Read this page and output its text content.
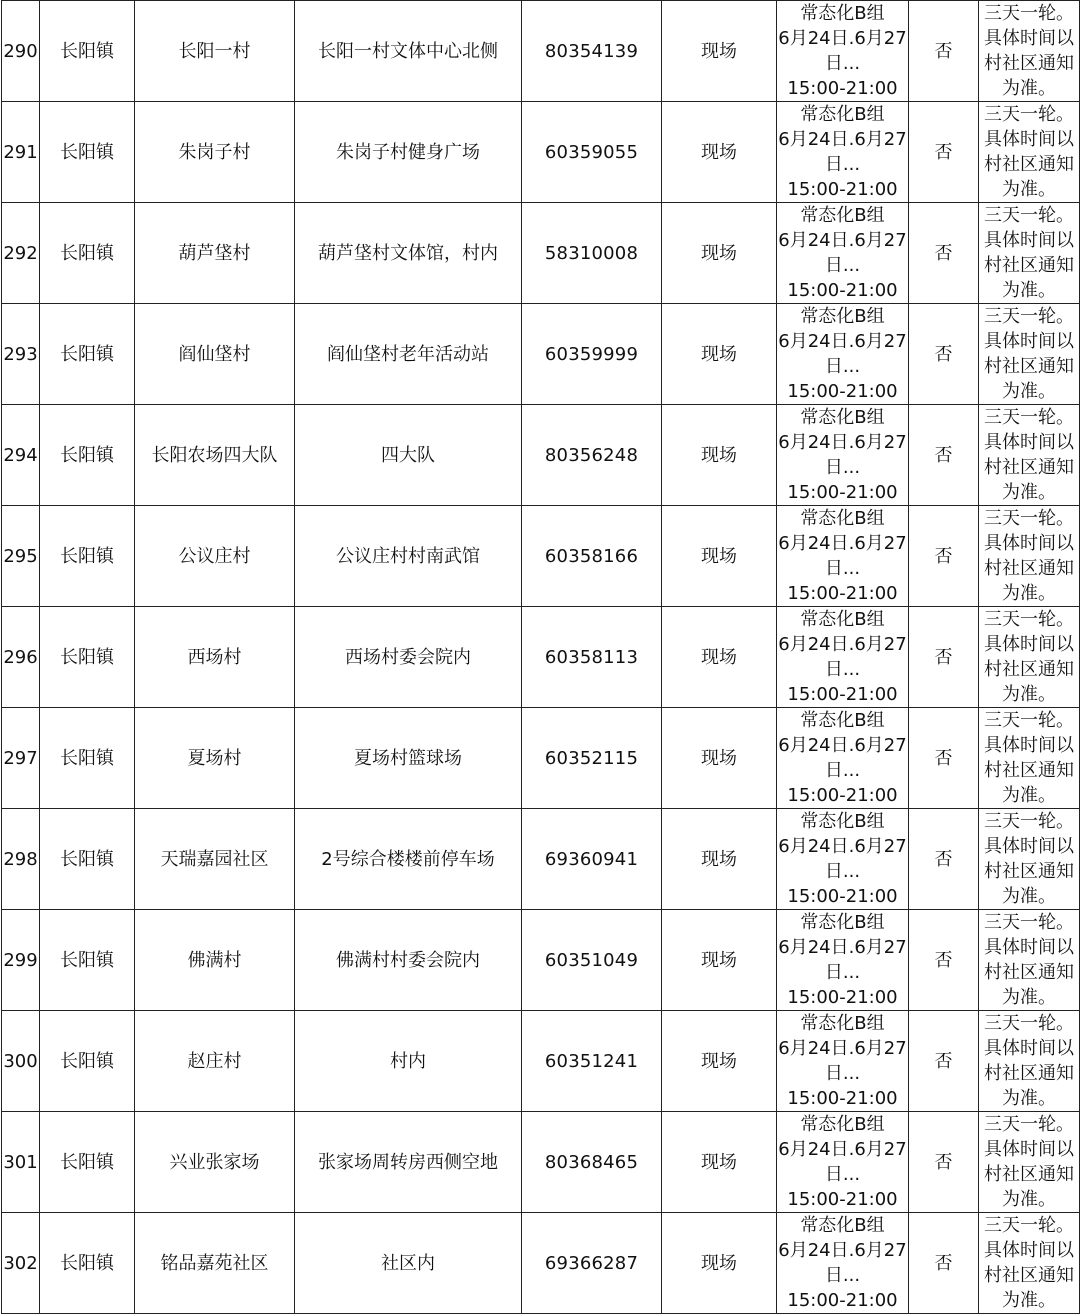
290	长阳镇	长阳一村	长阳一村文体中心北侧	80354139	现场	常态化B组
6月24日.6月27
日...
15:00-21:00	否	三天一轮。
具体时间以
村社区通知
为准。

291	长阳镇	朱岗子村	朱岗子村健身广场	60359055	现场	常态化B组
6月24日.6月27
日...
15:00-21:00	否	三天一轮。
具体时间以
村社区通知
为准。

292	长阳镇	葫芦垡村	葫芦垡村文体馆，村内	58310008	现场	常态化B组
6月24日.6月27
日...
15:00-21:00	否	三天一轮。
具体时间以
村社区通知
为准。

293	长阳镇	阎仙垡村	阎仙垡村老年活动站	60359999	现场	常态化B组
6月24日.6月27
日...
15:00-21:00	否	三天一轮。
具体时间以
村社区通知
为准。

294	长阳镇	长阳农场四大队	四大队	80356248	现场	常态化B组
6月24日.6月27
日...
15:00-21:00	否	三天一轮。
具体时间以
村社区通知
为准。

295	长阳镇	公议庄村	公议庄村村南武馆	60358166	现场	常态化B组
6月24日.6月27
日...
15:00-21:00	否	三天一轮。
具体时间以
村社区通知
为准。

296	长阳镇	西场村	西场村委会院内	60358113	现场	常态化B组
6月24日.6月27
日...
15:00-21:00	否	三天一轮。
具体时间以
村社区通知
为准。

297	长阳镇	夏场村	夏场村篮球场	60352115	现场	常态化B组
6月24日.6月27
日...
15:00-21:00	否	三天一轮。
具体时间以
村社区通知
为准。

298	长阳镇	天瑞嘉园社区	2号综合楼楼前停车场	69360941	现场	常态化B组
6月24日.6月27
日...
15:00-21:00	否	三天一轮。
具体时间以
村社区通知
为准。

299	长阳镇	佛满村	佛满村村委会院内	60351049	现场	常态化B组
6月24日.6月27
日...
15:00-21:00	否	三天一轮。
具体时间以
村社区通知
为准。

300	长阳镇	赵庄村	村内	60351241	现场	常态化B组
6月24日.6月27
日...
15:00-21:00	否	三天一轮。
具体时间以
村社区通知
为准。

301	长阳镇	兴业张家场	张家场周转房西侧空地	80368465	现场	常态化B组
6月24日.6月27
日...
15:00-21:00	否	三天一轮。
具体时间以
村社区通知
为准。

302	长阳镇	铭品嘉苑社区	社区内	69366287	现场	常态化B组
6月24日.6月27
日...
15:00-21:00	否	三天一轮。
具体时间以
村社区通知
为准。
